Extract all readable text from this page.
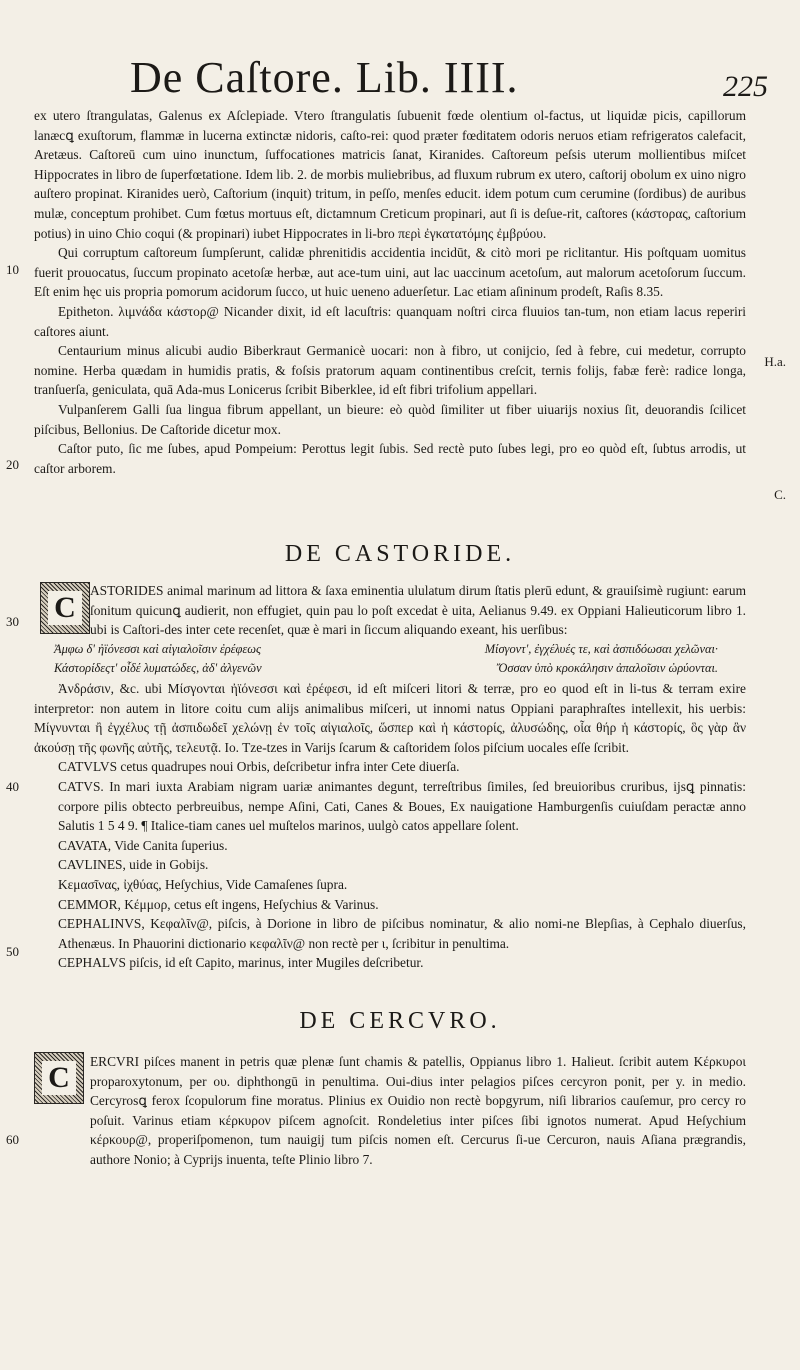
De Caſtore. Lib. IIII.	225

ex utero ſtrangulatas, Galenus ex Aſclepiade. Vtero ſtrangulatis ſubuenit fœde olentium ol-factus, ut liquidæ picis, capillorum lanæcꝗ exuſtorum, flammæ in lucerna extinctæ nidoris, caſto-rei: quod præter fœditatem odoris neruos etiam refrigeratos calefacit, Aretæus. Caſtoreū cum uino inunctum, ſuffocationes matricis ſanat, Kiranides. Caſtoreum peſsis uterum mollientibus miſcet Hippocrates in libro de ſuperfœtatione. Idem lib. 2. de morbis muliebribus, ad fluxum rubrum ex utero, caſtorij obolum ex uino nigro auſtero propinat. Kiranides uerò, Caſtorium (inquit) tritum, in peſſo, menſes educit. idem potum cum cerumine (ſordibus) de auribus mulæ, conceptum prohibet. Cum fœtus mortuus eſt, dictamnum Creticum propinari, aut ſi is deſue-rit, caſtores (κάστορας, caſtorium potius) in uino Chio coqui (& propinari) iubet Hippocrates in li-bro περὶ ἐγκατατόμης ἐμβρύου.

Qui corruptum caſtoreum ſumpſerunt, calidæ phrenitidis accidentia incidūt, & citò mori pe riclitantur. His poſtquam uomitus fuerit prouocatus, ſuccum propinato acetoſæ herbæ, aut ace-tum uini, aut lac uaccinum acetoſum, aut malorum acetoſorum ſuccum. Eſt enim hęc uis propria pomorum acidorum ſucco, ut huic ueneno aduerſetur. Lac etiam aſininum prodeſt, Raſis 8.35.

Epitheton. λιμνάδα κάστορ@ Nicander dixit, id eſt lacuſtris: quanquam noſtri circa fluuios tan-tum, non etiam lacus reperiri caſtores aiunt.

Centaurium minus alicubi audio Biberkraut Germanicè uocari: non à fibro, ut conijcio, ſed à febre, cui medetur, corrupto nomine. Herba quædam in humidis pratis, & foſsis pratorum aquam continentibus creſcit, ternis folijs, fabæ ferè: radice longa, tranſuerſa, geniculata, quā Ada-mus Lonicerus ſcribit Biberklee, id eſt fibri trifolium appellari.

Vulpanſerem Galli ſua lingua fibrum appellant, un bieure: eò quòd ſimiliter ut fiber uiuarijs noxius ſit, deuorandis ſcilicet piſcibus, Bellonius. De Caſtoride dicetur mox.

Caſtor puto, ſic me ſubes, apud Pompeium: Perottus legit ſubis. Sed rectè puto ſubes legi, pro eo quòd eſt, ſubtus arrodis, ut caſtor arborem.

10
20
H.a.
C.
DE CASTORIDE.
C

ASTORIDES animal marinum ad littora & ſaxa eminentia ululatum dirum ſtatis plerū edunt, & grauiſsimè rugiunt: earum ſonitum quicunꝗ audierit, non effugiet, quin pau lo poſt excedat è uita, Aelianus 9.49. ex Oppiani Halieuticorum libro 1. ubi is Caſtori-des inter cete recenſet, quæ è mari in ſiccum aliquando exeant, his uerſibus:

Ἀμφω δ' ἠϊόνεσσι καὶ αἰγιαλοῖσιν ἐρέφεως	Μίσγοντ', ἐγχέλυές τε, καὶ ἀσπιδόωσαι χελῶναι·
Κάστορίδεςτ' οἶδέ λυματώδες, ἀδ' ἀλγενῶν	Ὄσσαν ὑπὸ κροκάλησιν ἀπαλοῖσιν ὠρύονται.

Ἀνδράσιν, &c. ubi Μίσγονται ἠϊόνεσσι καὶ ἐρέφεσι, id eſt miſceri litori & terræ, pro eo quod eſt in li-tus & terram exire interpretor: non autem in litore coitu cum alijs animalibus miſceri, ut innomi natus Oppiani paraphraſtes intellexit, his uerbis: Μίγνυνται ἢ ἐγχέλυς τῇ ἀσπιδωδεῖ χελώνῃ ἐν τοῖς αἰγιαλοῖς, ὥσπερ καὶ ἡ κάστορίς, ἀλυσώδης, οἷα θήρ ἡ κάστορίς, ὃς γὰρ ἂν ἀκούσῃ τῆς φωνῆς αὐτῆς, τελευτᾷ. Io. Tze-tzes in Varijs ſcarum & caſtoridem ſolos piſcium uocales eſſe ſcribit.

CATVLVS cetus quadrupes noui Orbis, deſcribetur infra inter Cete diuerſa.

CATVS. In mari iuxta Arabiam nigram uariæ animantes degunt, terreſtribus ſimiles, ſed breuioribus cruribus, ijsꝗ pinnatis: corpore pilis obtecto perbreuibus, nempe Aſini, Cati, Canes & Boues, Ex nauigatione Hamburgenſis cuiuſdam peractæ anno Salutis 1 5 4 9. ¶ Italice-tiam canes uel muſtelos marinos, uulgò catos appellare ſolent.

CAVATA, Vide Canita ſuperius.

CAVLINES, uide in Gobijs.

Κεμασῖνας, ἰχθύας, Heſychius, Vide Camaſenes ſupra.

CEMMOR, Κέμμορ, cetus eſt ingens, Heſychius & Varinus.

CEPHALINVS, Κεφαλῖν@, piſcis, à Dorione in libro de piſcibus nominatur, & alio nomi-ne Blepſias, à Cephalo diuerſus, Athenæus. In Phauorini dictionario κεφαλῖν@ non rectè per ι, ſcribitur in penultima.

CEPHALVS piſcis, id eſt Capito, marinus, inter Mugiles deſcribetur.

30
40
50
DE CERCVRO.
C	ERCVRI piſces manent in petris quæ plenæ ſunt chamis & patellis, Oppianus libro 1. Halieut. ſcribit autem Κέρκυροι proparoxytonum, per ου. diphthongū in penultima. Oui-dius inter pelagios piſces cercyron ponit, per y. in medio. Cercyrosꝗ ferox ſcopulorum fine moratus. Plinius ex Ouidio non rectè bopgyrum, niſi librarios cauſemur, pro cercy ro poſuit. Varinus etiam κέρκυρον piſcem agnoſcit. Rondeletius inter piſces ſibi ignotos numerat. Apud Heſychium κέρκουρ@, properiſpomenon, tum nauigij tum piſcis nomen eſt. Cercurus ſi-ue Cercuron, nauis Aſiana prægrandis, authore Nonio; à Cyprijs inuenta, teſte Plinio libro 7.

60
